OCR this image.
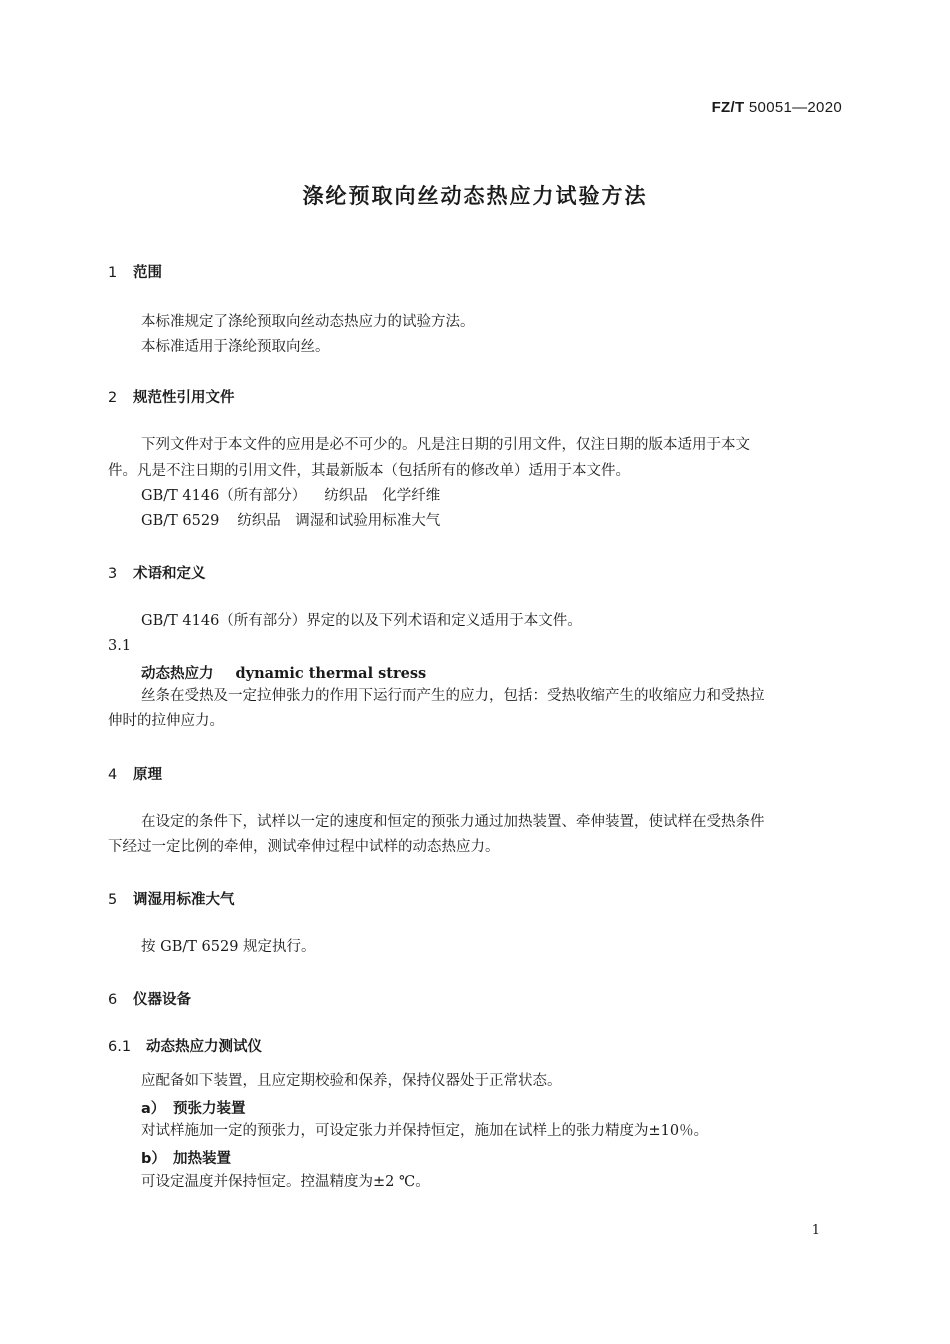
FZ/T 50051—2020
涤纶预取向丝动态热应力试验方法
1 范围
本标准规定了涤纶预取向丝动态热应力的试验方法。
本标准适用于涤纶预取向丝。
2 规范性引用文件
下列文件对于本文件的应用是必不可少的。凡是注日期的引用文件，仅注日期的版本适用于本文
件。凡是不注日期的引用文件，其最新版本（包括所有的修改单）适用于本文件。
GB/T 4146（所有部分） 纺织品　化学纤维
GB/T 6529 纺织品　调湿和试验用标准大气
3 术语和定义
GB/T 4146（所有部分）界定的以及下列术语和定义适用于本文件。
3.1
动态热应力 dynamic thermal stress
丝条在受热及一定拉伸张力的作用下运行而产生的应力，包括：受热收缩产生的收缩应力和受热拉
伸时的拉伸应力。
4 原理
在设定的条件下，试样以一定的速度和恒定的预张力通过加热装置、牵伸装置，使试样在受热条件
下经过一定比例的牵伸，测试牵伸过程中试样的动态热应力。
5 调湿用标准大气
按 GB/T 6529 规定执行。
6 仪器设备
6.1 动态热应力测试仪
应配备如下装置，且应定期校验和保养，保持仪器处于正常状态。
a） 预张力装置
对试样施加一定的预张力，可设定张力并保持恒定，施加在试样上的张力精度为±10％。
b） 加热装置
可设定温度并保持恒定。控温精度为±2 ℃。
1
